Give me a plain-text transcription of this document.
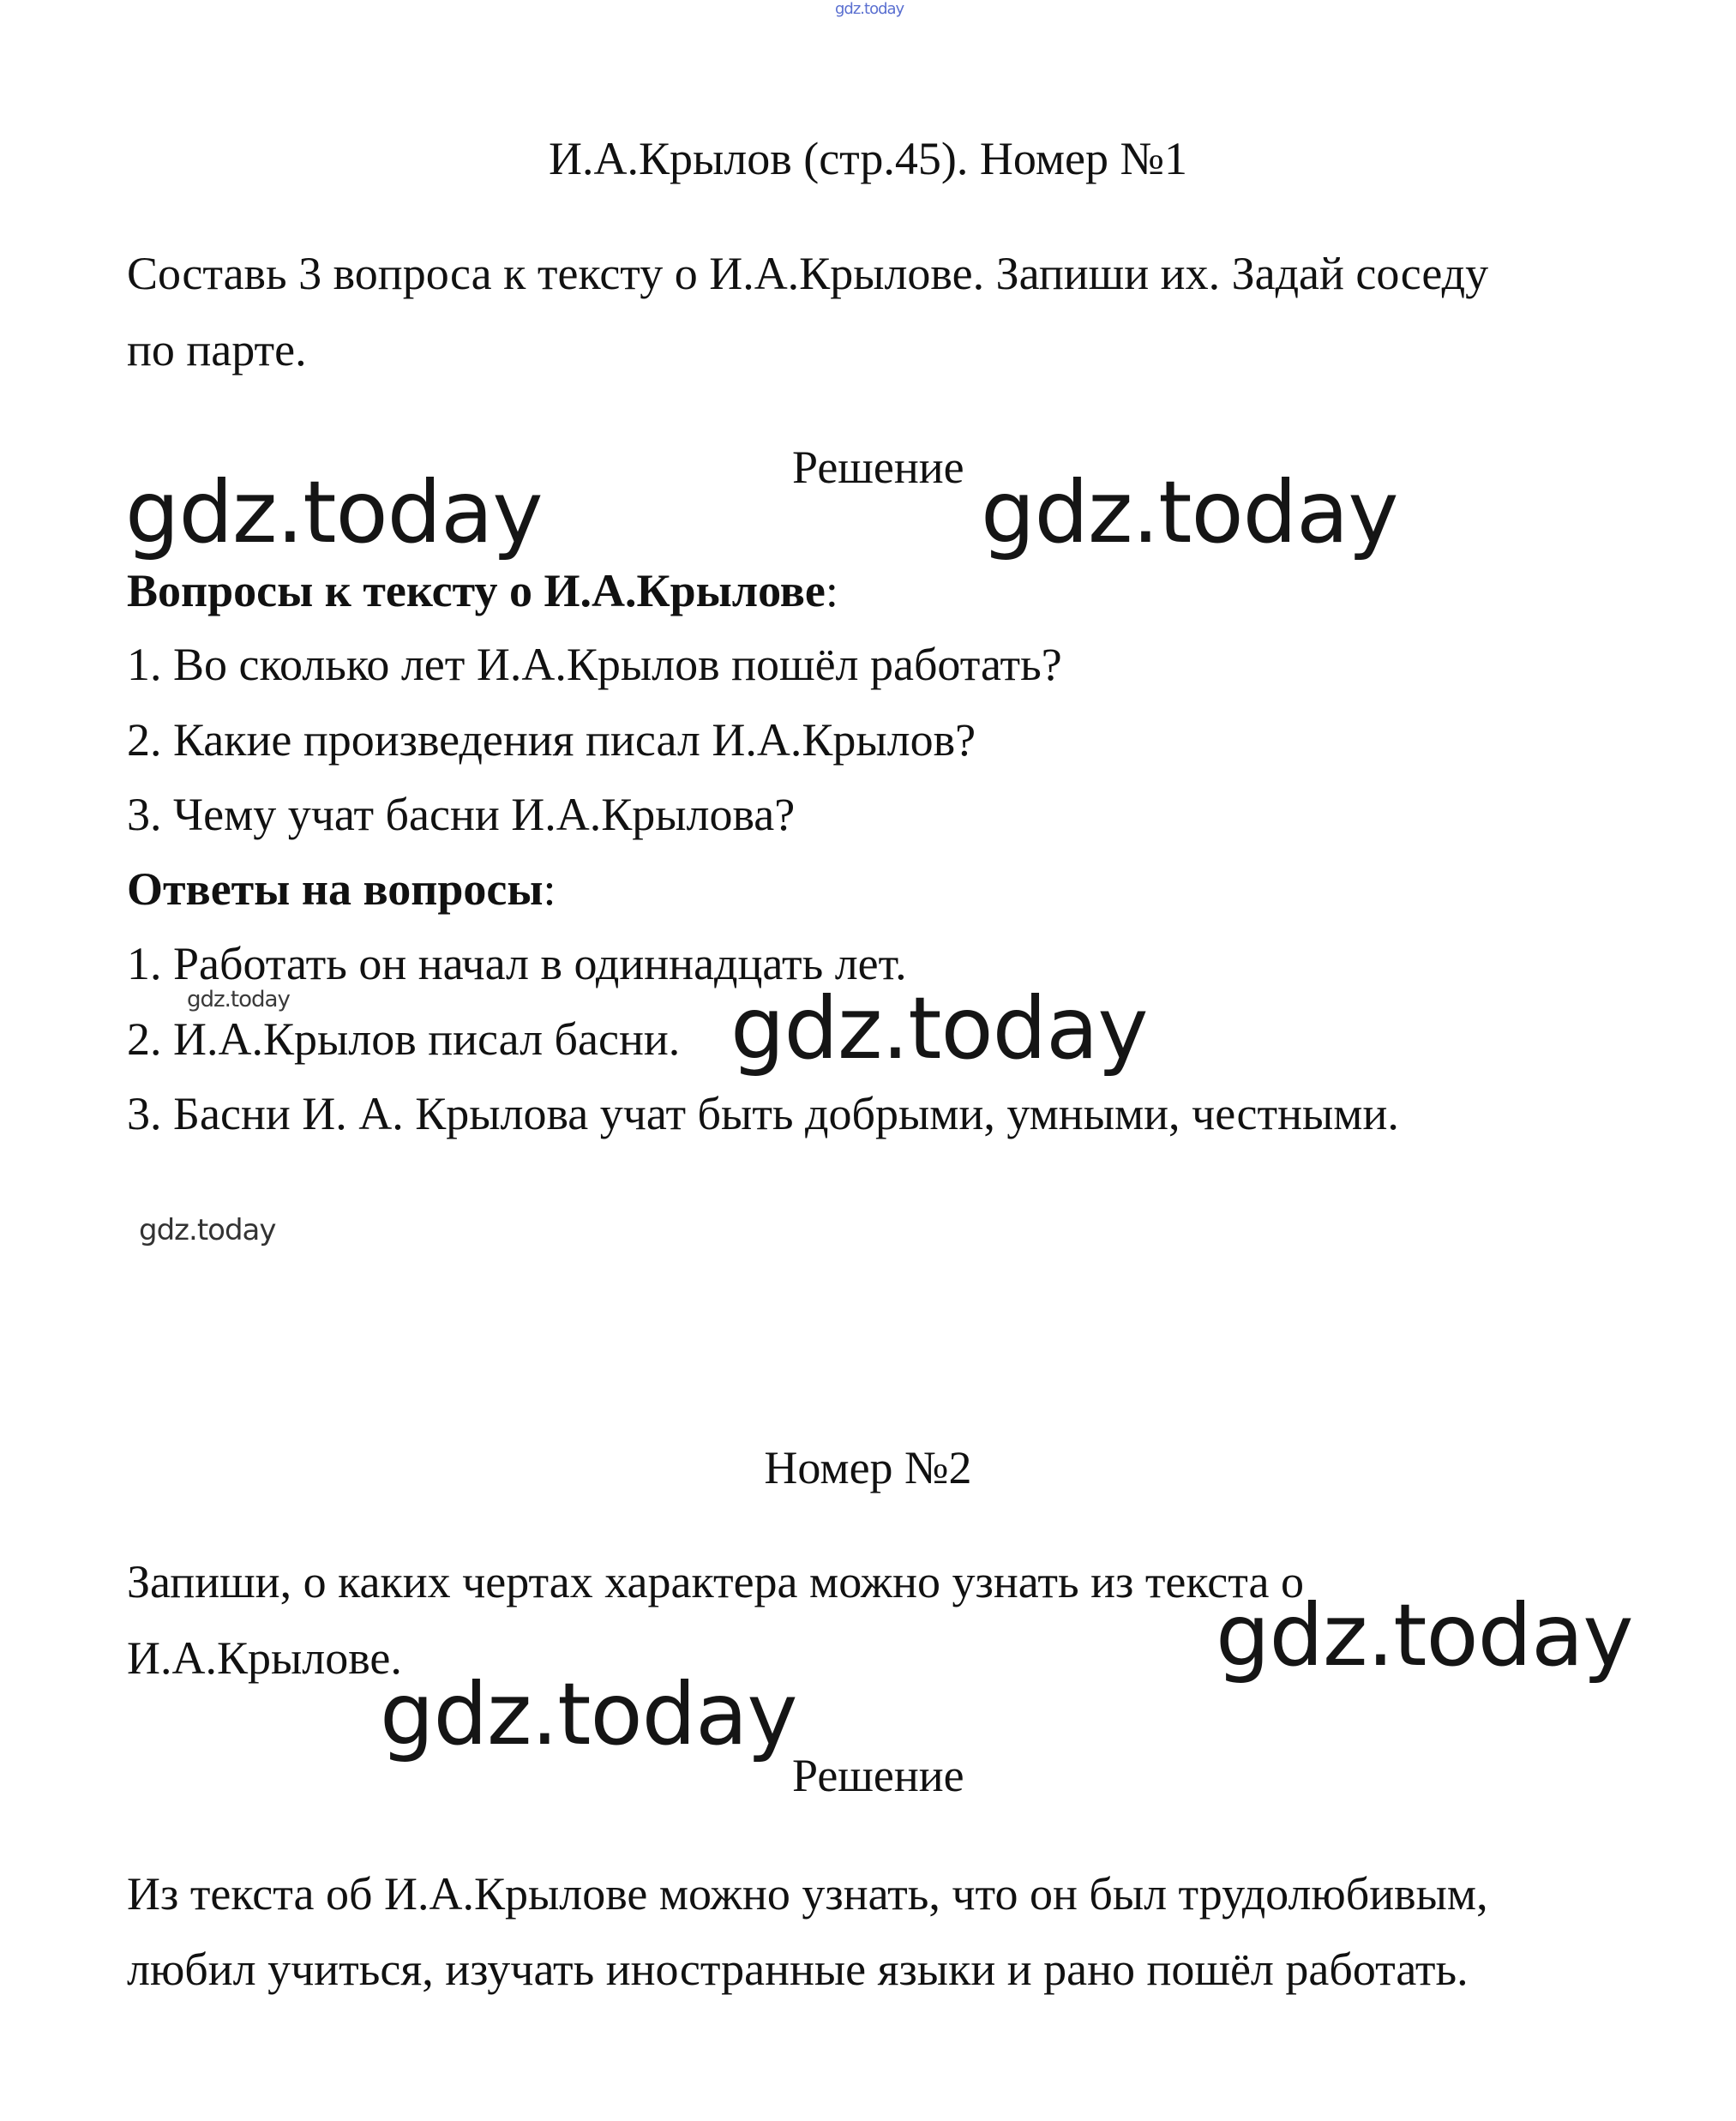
gdz.today
И.А.Крылов (стр.45). Номер №1
Составь 3 вопроса к тексту о И.А.Крылове. Запиши их. Задай соседу
по парте.
Решение
gdz.today	gdz.today
Вопросы к тексту о И.А.Крылове:
1. Во сколько лет И.А.Крылов пошёл работать?
2. Какие произведения писал И.А.Крылов?
3. Чему учат басни И.А.Крылова?
Ответы на вопросы:
1. Работать он начал в одиннадцать лет.
gdz.today
2. И.А.Крылов писал басни. gdz.today
3. Басни И. А. Крылова учат быть добрыми, умными, честными.
gdz.today
Номер №2
Запиши, о каких чертах характера можно узнать из текста о
И.А.Крылове.	gdz.today
gdz.today
Решение
Из текста об И.А.Крылове можно узнать, что он был трудолюбивым,
любил учиться, изучать иностранные языки и рано пошёл работать.
